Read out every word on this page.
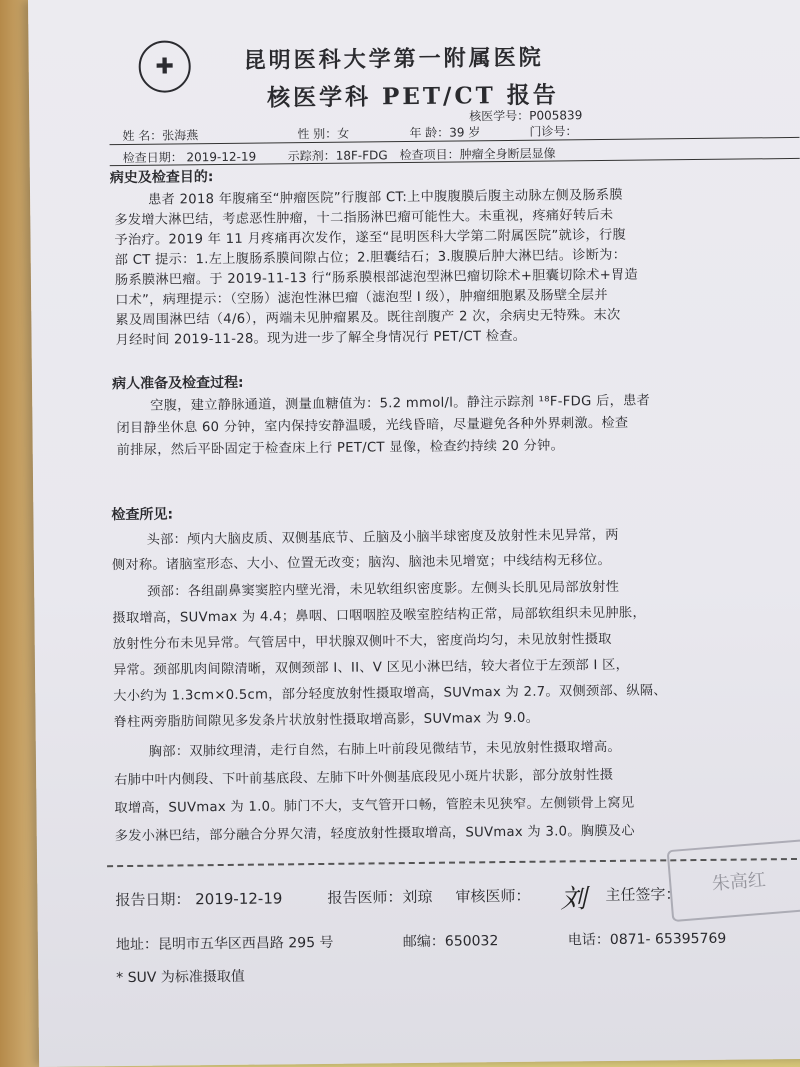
✚	昆明医科大学第一附属医院
核医学科 PET/CT 报告
核医学号：P005839
姓 名：张海燕	性 别：女	年 龄：39 岁	门诊号：
检查日期： 2019-12-19	示踪剂：18F-FDG 检查项目：肿瘤全身断层显像
病史及检查目的:
患者 2018 年腹痛至“肿瘤医院”行腹部 CT:上中腹腹膜后腹主动脉左侧及肠系膜
多发增大淋巴结，考虑恶性肿瘤，十二指肠淋巴瘤可能性大。未重视，疼痛好转后未
予治疗。2019 年 11 月疼痛再次发作，遂至“昆明医科大学第二附属医院”就诊，行腹
部 CT 提示：1.左上腹肠系膜间隙占位；2.胆囊结石；3.腹膜后肿大淋巴结。诊断为：
肠系膜淋巴瘤。于 2019-11-13 行“肠系膜根部滤泡型淋巴瘤切除术+胆囊切除术+胃造
口术”，病理提示：（空肠）滤泡性淋巴瘤（滤泡型 I 级），肿瘤细胞累及肠壁全层并
累及周围淋巴结（4/6），两端未见肿瘤累及。既往剖腹产 2 次，余病史无特殊。末次
月经时间 2019-11-28。现为进一步了解全身情况行 PET/CT 检查。
病人准备及检查过程:
空腹，建立静脉通道，测量血糖值为：5.2 mmol/l。静注示踪剂 ¹⁸F-FDG 后，患者
闭目静坐休息 60 分钟，室内保持安静温暖，光线昏暗，尽量避免各种外界刺激。检查
前排尿，然后平卧固定于检查床上行 PET/CT 显像，检查约持续 20 分钟。
检查所见:
头部：颅内大脑皮质、双侧基底节、丘脑及小脑半球密度及放射性未见异常，两
侧对称。诸脑室形态、大小、位置无改变；脑沟、脑池未见增宽；中线结构无移位。
颈部：各组副鼻窦窦腔内壁光滑，未见软组织密度影。左侧头长肌见局部放射性
摄取增高，SUVmax 为 4.4；鼻咽、口咽咽腔及喉室腔结构正常，局部软组织未见肿胀，
放射性分布未见异常。气管居中，甲状腺双侧叶不大，密度尚均匀，未见放射性摄取
异常。颈部肌肉间隙清晰，双侧颈部 I、II、V 区见小淋巴结，较大者位于左颈部 I 区，
大小约为 1.3cm×0.5cm，部分轻度放射性摄取增高，SUVmax 为 2.7。双侧颈部、纵隔、
脊柱两旁脂肪间隙见多发条片状放射性摄取增高影，SUVmax 为 9.0。
胸部：双肺纹理清，走行自然，右肺上叶前段见微结节，未见放射性摄取增高。
右肺中叶内侧段、下叶前基底段、左肺下叶外侧基底段见小斑片状影，部分放射性摄
取增高，SUVmax 为 1.0。肺门不大，支气管开口畅，管腔未见狭窄。左侧锁骨上窝见
多发小淋巴结，部分融合分界欠清，轻度放射性摄取增高，SUVmax 为 3.0。胸膜及心
朱高红
报告日期： 2019-12-19	报告医师：刘琼 审核医师： 刘 主任签字：
地址：昆明市五华区西昌路 295 号	邮编：650032	电话：0871- 65395769
* SUV 为标准摄取值
